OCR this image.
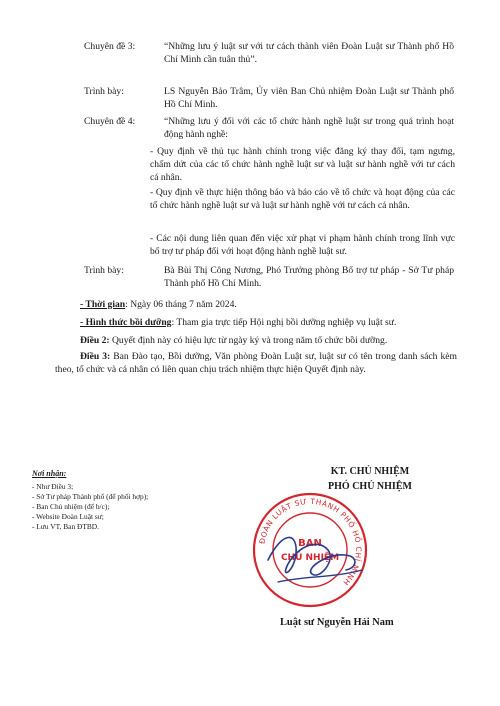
Chuyên đề 3:	“Những lưu ý luật sư với tư cách thành viên Đoàn Luật sư Thành phố Hồ Chí Minh cần tuân thủ”.
Trình bày:	LS Nguyễn Bảo Trâm, Ủy viên Ban Chủ nhiệm Đoàn Luật sư Thành phố Hồ Chí Minh.
Chuyên đề 4:	“Những lưu ý đối với các tổ chức hành nghề luật sư trong quá trình hoạt động hành nghề:
- Quy định về thủ tục hành chính trong việc đăng ký thay đổi, tạm ngưng, chấm dứt của các tổ chức hành nghề luật sư và luật sư hành nghề với tư cách cá nhân.
- Quy định về thực hiện thông báo và báo cáo về tổ chức và hoạt động của các tổ chức hành nghề luật sư và luật sư hành nghề với tư cách cá nhân.
- Các nội dung liên quan đến việc xử phạt vi phạm hành chính trong lĩnh vực bổ trợ tư pháp đối với hoạt động hành nghề luật sư.
Trình bày:	Bà Bùi Thị Công Nương, Phó Trưởng phòng Bổ trợ tư pháp - Sở Tư pháp Thành phố Hồ Chí Minh.
- Thời gian: Ngày 06 tháng 7 năm 2024.
- Hình thức bồi dưỡng: Tham gia trực tiếp Hội nghị bồi dưỡng nghiệp vụ luật sư.
Điều 2: Quyết định này có hiệu lực từ ngày ký và trong năm tổ chức bồi dưỡng.
Điều 3: Ban Đào tạo, Bồi dưỡng, Văn phòng Đoàn Luật sư, luật sư có tên trong danh sách kèm theo, tổ chức và cá nhân có liên quan chịu trách nhiệm thực hiện Quyết định này.
Nơi nhận:
- Như Điều 3;
- Sở Tư pháp Thành phố (để phối hợp);
- Ban Chủ nhiệm (để b/c);
- Website Đoàn Luật sư;
- Lưu VT, Ban ĐTBD.
KT. CHỦ NHIỆM
PHÓ CHỦ NHIỆM
ĐOÀN LUẬT SƯ THÀNH PHỐ HỒ CHÍ MINH
BAN
CHỦ NHIỆM
Luật sư Nguyễn Hải Nam
